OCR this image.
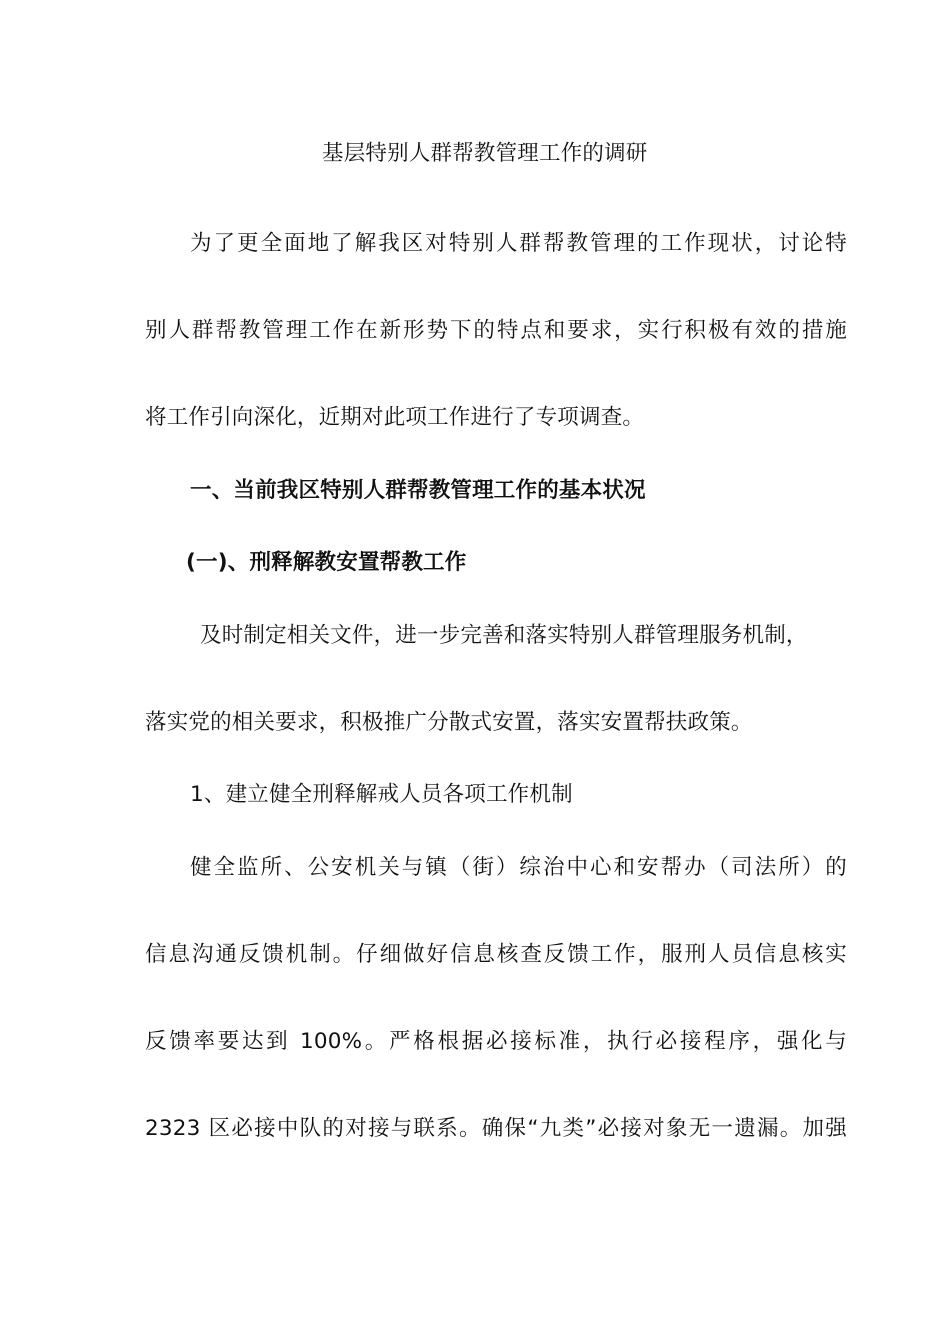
基层特别人群帮教管理工作的调研
为了更全面地了解我区对特别人群帮教管理的工作现状，讨论特
别人群帮教管理工作在新形势下的特点和要求，实行积极有效的措施
将工作引向深化，近期对此项工作进行了专项调查。
一、当前我区特别人群帮教管理工作的基本状况
(一)、刑释解教安置帮教工作
及时制定相关文件，进一步完善和落实特别人群管理服务机制，
落实党的相关要求，积极推广分散式安置，落实安置帮扶政策。
1、建立健全刑释解戒人员各项工作机制
健全监所、公安机关与镇（街）综治中心和安帮办（司法所）的
信息沟通反馈机制。仔细做好信息核查反馈工作，服刑人员信息核实
反馈率要达到 100%。严格根据必接标准，执行必接程序，强化与
2323 区必接中队的对接与联系。确保“九类”必接对象无一遗漏。加强
